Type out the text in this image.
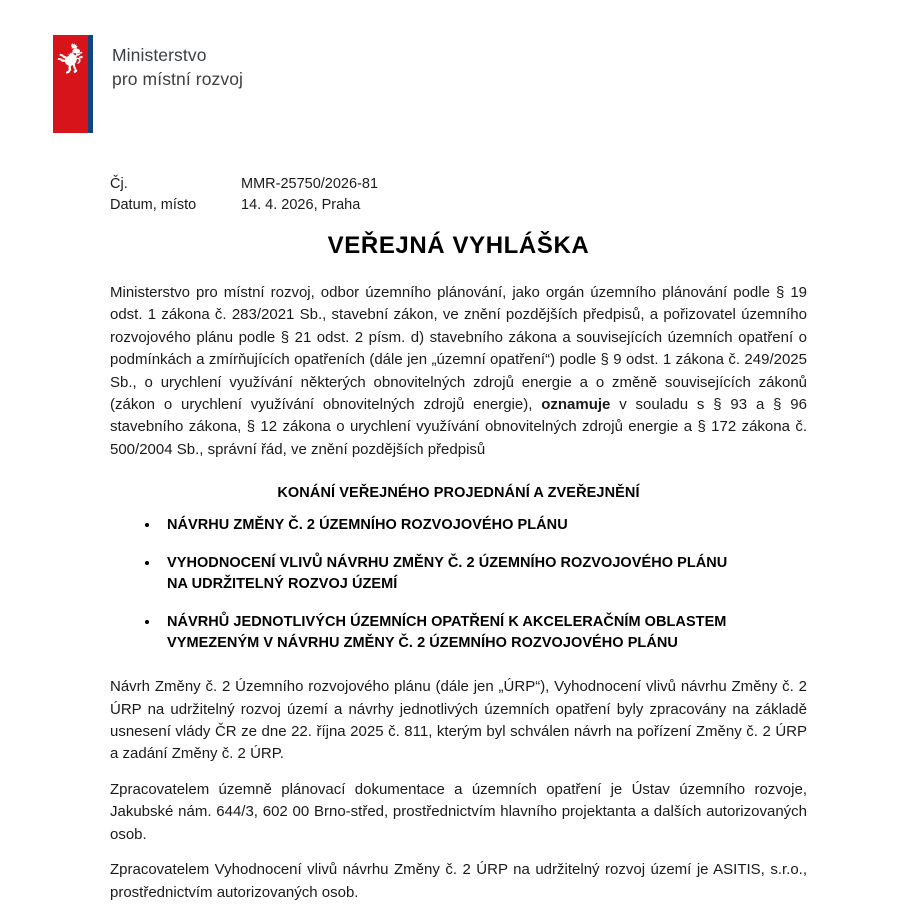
Ministerstvo
pro místní rozvoj
Čj.	MMR-25750/2026-81
Datum, místo	14. 4. 2026, Praha
VEŘEJNÁ VYHLÁŠKA

Ministerstvo pro místní rozvoj, odbor územního plánování, jako orgán územního plánování podle § 19 odst. 1 zákona č. 283/2021 Sb., stavební zákon, ve znění pozdějších předpisů, a pořizovatel územního rozvojového plánu podle § 21 odst. 2 písm. d) stavebního zákona a souvisejících územních opatření o podmínkách a zmírňujících opatřeních (dále jen „územní opatření“) podle § 9 odst. 1 zákona č. 249/2025 Sb., o urychlení využívání některých obnovitelných zdrojů energie a o změně souvisejících zákonů (zákon o urychlení využívání obnovitelných zdrojů energie), oznamuje v souladu s § 93 a § 96 stavebního zákona, § 12 zákona o urychlení využívání obnovitelných zdrojů energie a § 172 zákona č. 500/2004 Sb., správní řád, ve znění pozdějších předpisů

KONÁNÍ VEŘEJNÉHO PROJEDNÁNÍ A ZVEŘEJNĚNÍ
NÁVRHU ZMĚNY Č. 2 ÚZEMNÍHO ROZVOJOVÉHO PLÁNU
VYHODNOCENÍ VLIVŮ NÁVRHU ZMĚNY Č. 2 ÚZEMNÍHO ROZVOJOVÉHO PLÁNU
NA UDRŽITELNÝ ROZVOJ ÚZEMÍ
NÁVRHŮ JEDNOTLIVÝCH ÚZEMNÍCH OPATŘENÍ K AKCELERAČNÍM OBLASTEM
VYMEZENÝM V NÁVRHU ZMĚNY Č. 2 ÚZEMNÍHO ROZVOJOVÉHO PLÁNU

Návrh Změny č. 2 Územního rozvojového plánu (dále jen „ÚRP“), Vyhodnocení vlivů návrhu Změny č. 2 ÚRP na udržitelný rozvoj území a návrhy jednotlivých územních opatření byly zpracovány na základě usnesení vlády ČR ze dne 22. října 2025 č. 811, kterým byl schválen návrh na pořízení Změny č. 2 ÚRP a zadání Změny č. 2 ÚRP.

Zpracovatelem územně plánovací dokumentace a územních opatření je Ústav územního rozvoje, Jakubské nám. 644/3, 602 00 Brno-střed, prostřednictvím hlavního projektanta a dalších autorizovaných osob.

Zpracovatelem Vyhodnocení vlivů návrhu Změny č. 2 ÚRP na udržitelný rozvoj území je ASITIS, s.r.o., prostřednictvím autorizovaných osob.
